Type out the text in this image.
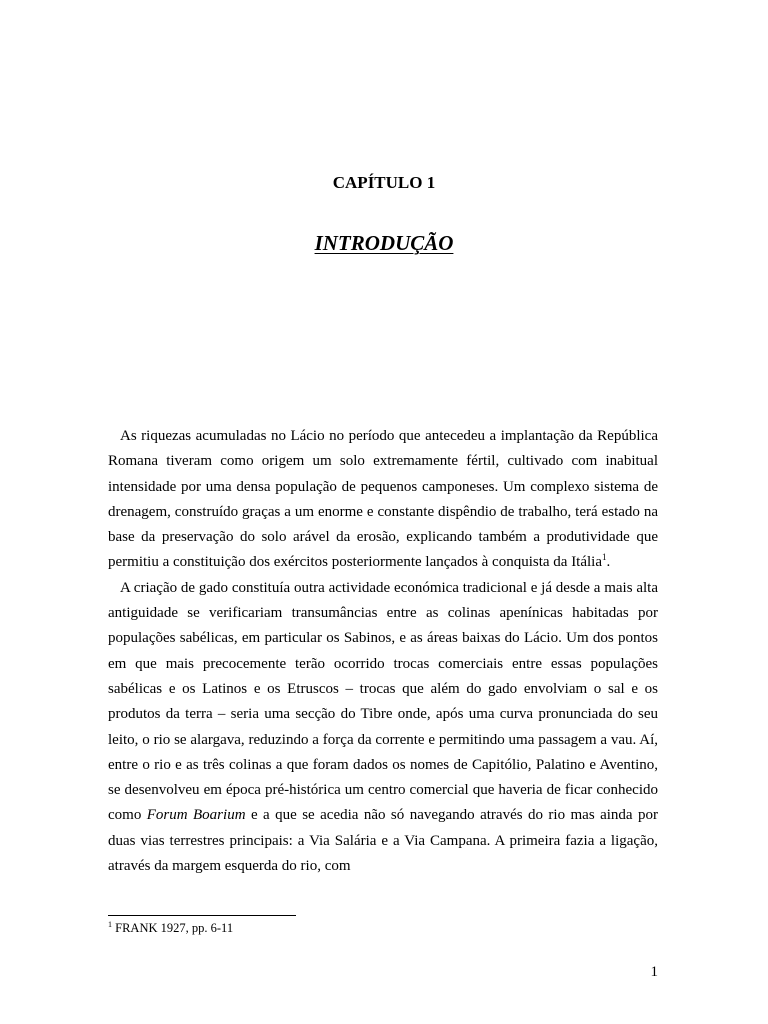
CAPÍTULO 1
INTRODUÇÃO

As riquezas acumuladas no Lácio no período que antecedeu a implantação da República Romana tiveram como origem um solo extremamente fértil, cultivado com inabitual intensidade por uma densa população de pequenos camponeses. Um complexo sistema de drenagem, construído graças a um enorme e constante dispêndio de trabalho, terá estado na base da preservação do solo arável da erosão, explicando também a produtividade que permitiu a constituição dos exércitos posteriormente lançados à conquista da Itália$^1$.

A criação de gado constituía outra actividade económica tradicional e já desde a mais alta antiguidade se verificariam transumâncias entre as colinas apenínicas habitadas por populações sabélicas, em particular os Sabinos, e as áreas baixas do Lácio. Um dos pontos em que mais precocemente terão ocorrido trocas comerciais entre essas populações sabélicas e os Latinos e os Etruscos – trocas que além do gado envolviam o sal e os produtos da terra – seria uma secção do Tibre onde, após uma curva pronunciada do seu leito, o rio se alargava, reduzindo a força da corrente e permitindo uma passagem a vau. Aí, entre o rio e as três colinas a que foram dados os nomes de Capitólio, Palatino e Aventino, se desenvolveu em época pré-histórica um centro comercial que haveria de ficar conhecido como Forum Boarium e a que se acedia não só navegando através do rio mas ainda por duas vias terrestres principais: a Via Salária e a Via Campana. A primeira fazia a ligação, através da margem esquerda do rio, com

$^1$ FRANK 1927, pp. 6-11
1
